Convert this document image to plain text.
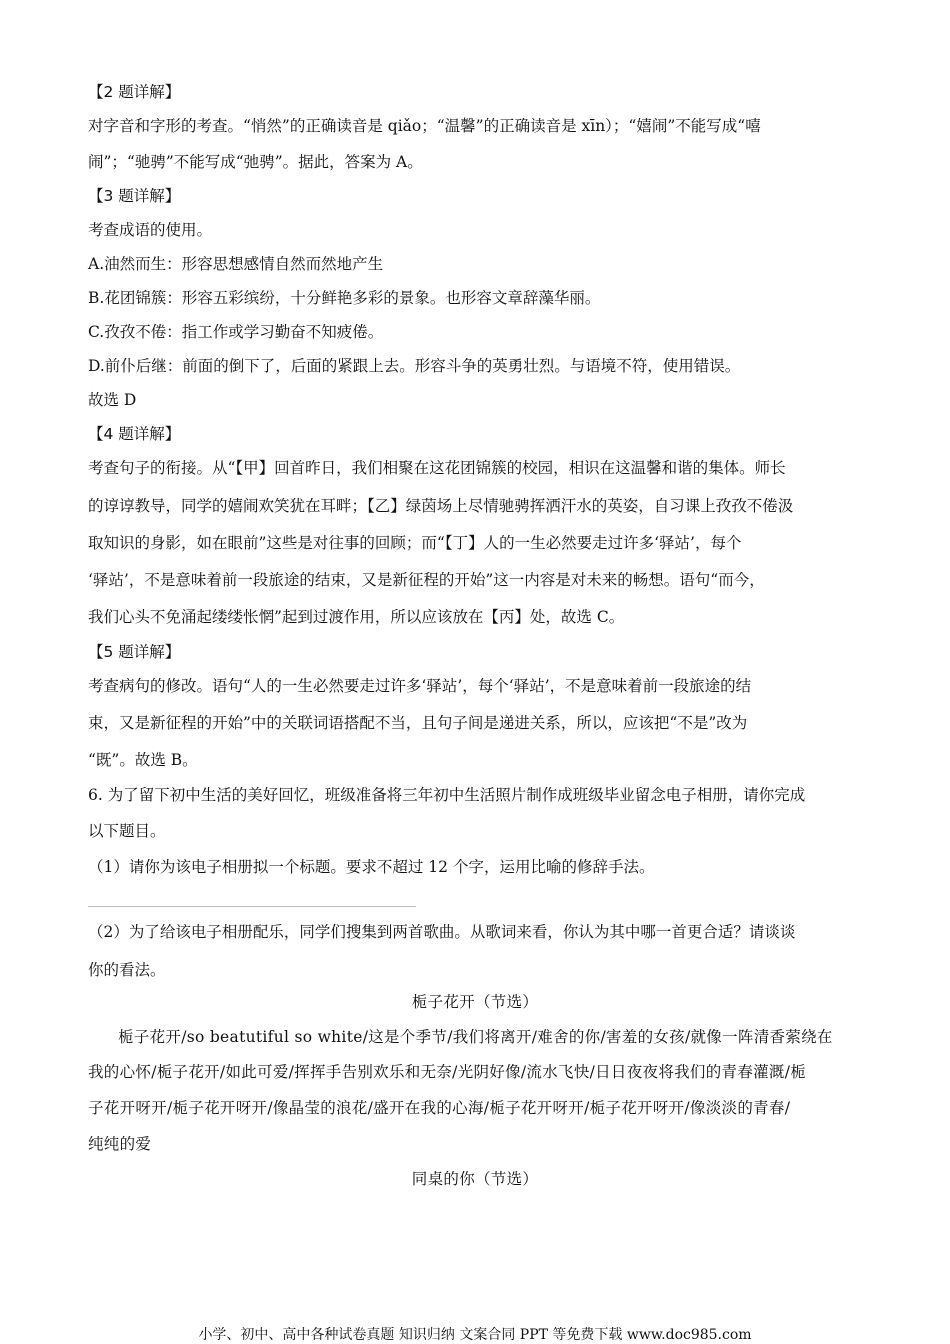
【2 题详解】
对字音和字形的考查。“悄然”的正确读音是 qiǎo；“温馨”的正确读音是 xīn）；“嬉闹”不能写成“嘻
闹”；“驰骋”不能写成“弛骋”。据此，答案为 A。
【3 题详解】
考查成语的使用。
A.油然而生：形容思想感情自然而然地产生
B.花团锦簇：形容五彩缤纷，十分鲜艳多彩的景象。也形容文章辞藻华丽。
C.孜孜不倦：指工作或学习勤奋不知疲倦。
D.前仆后继：前面的倒下了，后面的紧跟上去。形容斗争的英勇壮烈。与语境不符，使用错误。
故选 D
【4 题详解】
考查句子的衔接。从“【甲】回首昨日，我们相聚在这花团锦簇的校园，相识在这温馨和谐的集体。师长
的谆谆教导，同学的嬉闹欢笑犹在耳畔；【乙】绿茵场上尽情驰骋挥洒汗水的英姿，自习课上孜孜不倦汲
取知识的身影，如在眼前”这些是对往事的回顾；而“【丁】人的一生必然要走过许多‘驿站’，每个
‘驿站’，不是意味着前一段旅途的结束，又是新征程的开始”这一内容是对未来的畅想。语句“而今，
我们心头不免涌起缕缕怅惘”起到过渡作用，所以应该放在【丙】处，故选 C。
【5 题详解】
考查病句的修改。语句“人的一生必然要走过许多‘驿站’，每个‘驿站’，不是意味着前一段旅途的结
束，又是新征程的开始”中的关联词语搭配不当，且句子间是递进关系，所以，应该把“不是”改为
“既”。故选 B。
6. 为了留下初中生活的美好回忆，班级准备将三年初中生活照片制作成班级毕业留念电子相册，请你完成
以下题目。
（1）请你为该电子相册拟一个标题。要求不超过 12 个字，运用比喻的修辞手法。
（2）为了给该电子相册配乐，同学们搜集到两首歌曲。从歌词来看，你认为其中哪一首更合适？请谈谈
你的看法。
栀子花开（节选）
栀子花开/so beatutiful so white/这是个季节/我们将离开/难舍的你/害羞的女孩/就像一阵清香萦绕在
我的心怀/栀子花开/如此可爱/挥挥手告别欢乐和无奈/光阴好像/流水飞快/日日夜夜将我们的青春灌溉/栀
子花开呀开/栀子花开呀开/像晶莹的浪花/盛开在我的心海/栀子花开呀开/栀子花开呀开/像淡淡的青春/
纯纯的爱
同桌的你（节选）
小学、初中、高中各种试卷真题 知识归纳 文案合同 PPT 等免费下载 www.doc985.com
